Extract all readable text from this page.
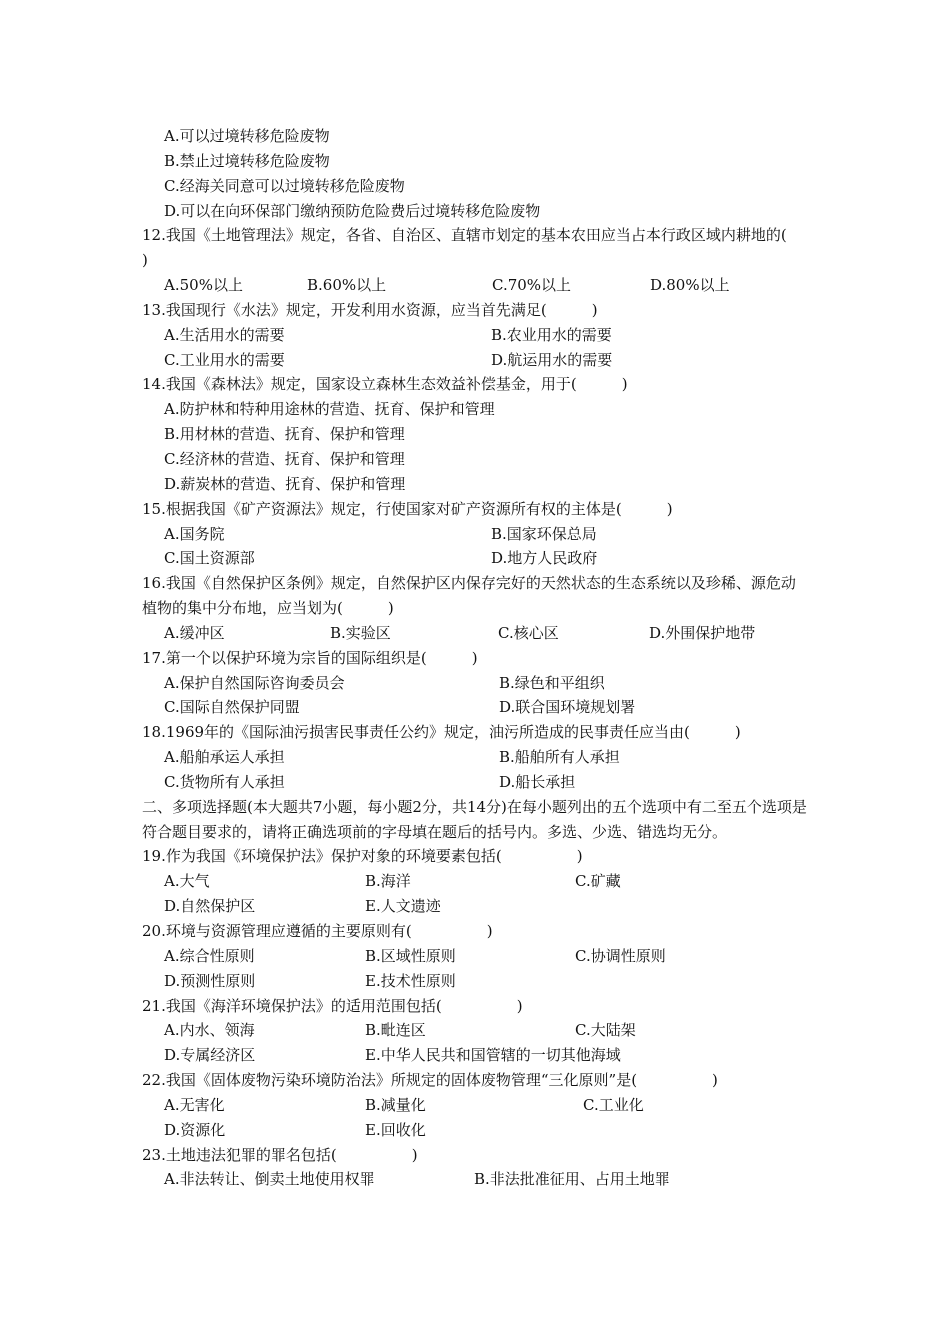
A.可以过境转移危险废物
B.禁止过境转移危险废物
C.经海关同意可以过境转移危险废物
D.可以在向环保部门缴纳预防危险费后过境转移危险废物
12.我国《土地管理法》规定，各省、自治区、直辖市划定的基本农田应当占本行政区域内耕地的(　　　)
A.50%以上	B.60%以上	C.70%以上	D.80%以上
13.我国现行《水法》规定，开发利用水资源，应当首先满足(　　　)
A.生活用水的需要	B.农业用水的需要
C.工业用水的需要	D.航运用水的需要
14.我国《森林法》规定，国家设立森林生态效益补偿基金，用于(　　　)
A.防护林和特种用途林的营造、抚育、保护和管理
B.用材林的营造、抚育、保护和管理
C.经济林的营造、抚育、保护和管理
D.薪炭林的营造、抚育、保护和管理
15.根据我国《矿产资源法》规定，行使国家对矿产资源所有权的主体是(　　　)
A.国务院	B.国家环保总局
C.国土资源部	D.地方人民政府
16.我国《自然保护区条例》规定，自然保护区内保存完好的天然状态的生态系统以及珍稀、源危动植物的集中分布地，应当划为(　　　)
A.缓冲区	B.实验区	C.核心区	D.外围保护地带
17.第一个以保护环境为宗旨的国际组织是(　　　)
A.保护自然国际咨询委员会	B.绿色和平组织
C.国际自然保护同盟	D.联合国环境规划署
18.1969年的《国际油污损害民事责任公约》规定，油污所造成的民事责任应当由(　　　)
A.船舶承运人承担	B.船舶所有人承担
C.货物所有人承担	D.船长承担
二、多项选择题(本大题共7小题，每小题2分，共14分)在每小题列出的五个选项中有二至五个选项是符合题目要求的，请将正确选项前的字母填在题后的括号内。多选、少选、错选均无分。
19.作为我国《环境保护法》保护对象的环境要素包括(　　　　　)
A.大气	B.海洋	C.矿藏
D.自然保护区	E.人文遗迹
20.环境与资源管理应遵循的主要原则有(　　　　　)
A.综合性原则	B.区域性原则	C.协调性原则
D.预测性原则	E.技术性原则
21.我国《海洋环境保护法》的适用范围包括(　　　　　)
A.内水、领海	B.毗连区	C.大陆架
D.专属经济区	E.中华人民共和国管辖的一切其他海域
22.我国《固体废物污染环境防治法》所规定的固体废物管理“三化原则”是(　　　　　)
A.无害化	B.减量化	C.工业化
D.资源化	E.回收化
23.土地违法犯罪的罪名包括(　　　　　)
A.非法转让、倒卖土地使用权罪	B.非法批准征用、占用土地罪
